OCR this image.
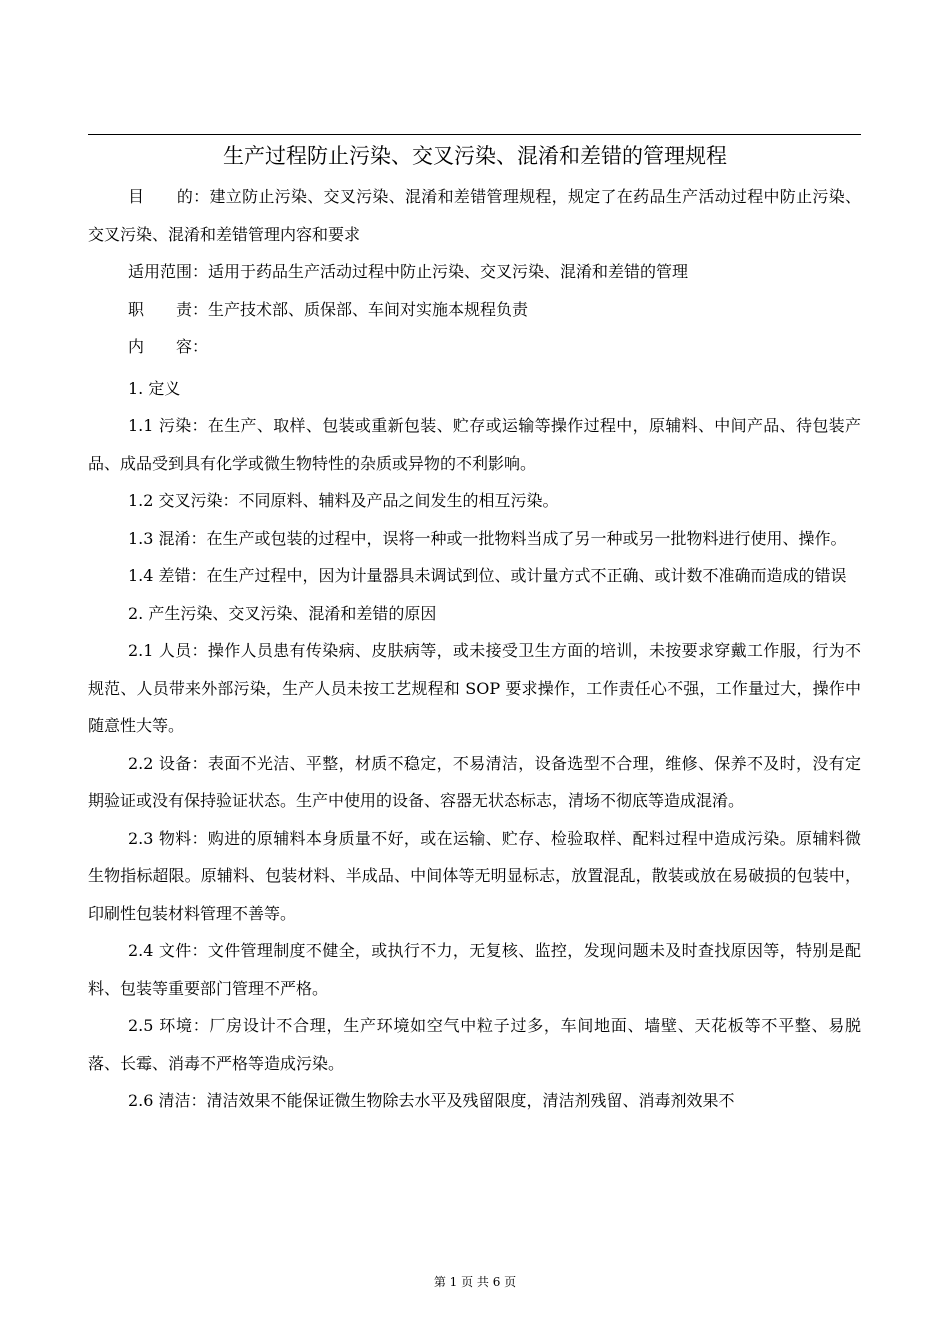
生产过程防止污染、交叉污染、混淆和差错的管理规程

目　　的：建立防止污染、交叉污染、混淆和差错管理规程，规定了在药品生产活动过程中防止污染、交叉污染、混淆和差错管理内容和要求

适用范围：适用于药品生产活动过程中防止污染、交叉污染、混淆和差错的管理

职　　责：生产技术部、质保部、车间对实施本规程负责

内　　容：

1. 定义

1.1 污染：在生产、取样、包装或重新包装、贮存或运输等操作过程中，原辅料、中间产品、待包装产品、成品受到具有化学或微生物特性的杂质或异物的不利影响。

1.2 交叉污染：不同原料、辅料及产品之间发生的相互污染。

1.3 混淆：在生产或包装的过程中，误将一种或一批物料当成了另一种或另一批物料进行使用、操作。

1.4 差错：在生产过程中，因为计量器具未调试到位、或计量方式不正确、或计数不准确而造成的错误

2. 产生污染、交叉污染、混淆和差错的原因

2.1 人员：操作人员患有传染病、皮肤病等，或未接受卫生方面的培训，未按要求穿戴工作服，行为不规范、人员带来外部污染，生产人员未按工艺规程和 SOP 要求操作，工作责任心不强，工作量过大，操作中随意性大等。

2.2 设备：表面不光洁、平整，材质不稳定，不易清洁，设备选型不合理，维修、保养不及时，没有定期验证或没有保持验证状态。生产中使用的设备、容器无状态标志，清场不彻底等造成混淆。

2.3 物料：购进的原辅料本身质量不好，或在运输、贮存、检验取样、配料过程中造成污染。原辅料微生物指标超限。原辅料、包装材料、半成品、中间体等无明显标志，放置混乱，散装或放在易破损的包装中，印刷性包装材料管理不善等。

2.4 文件：文件管理制度不健全，或执行不力，无复核、监控，发现问题未及时查找原因等，特别是配料、包装等重要部门管理不严格。

2.5 环境：厂房设计不合理，生产环境如空气中粒子过多，车间地面、墙壁、天花板等不平整、易脱落、长霉、消毒不严格等造成污染。

2.6 清洁：清洁效果不能保证微生物除去水平及残留限度，清洁剂残留、消毒剂效果不

第 1 页 共 6 页
